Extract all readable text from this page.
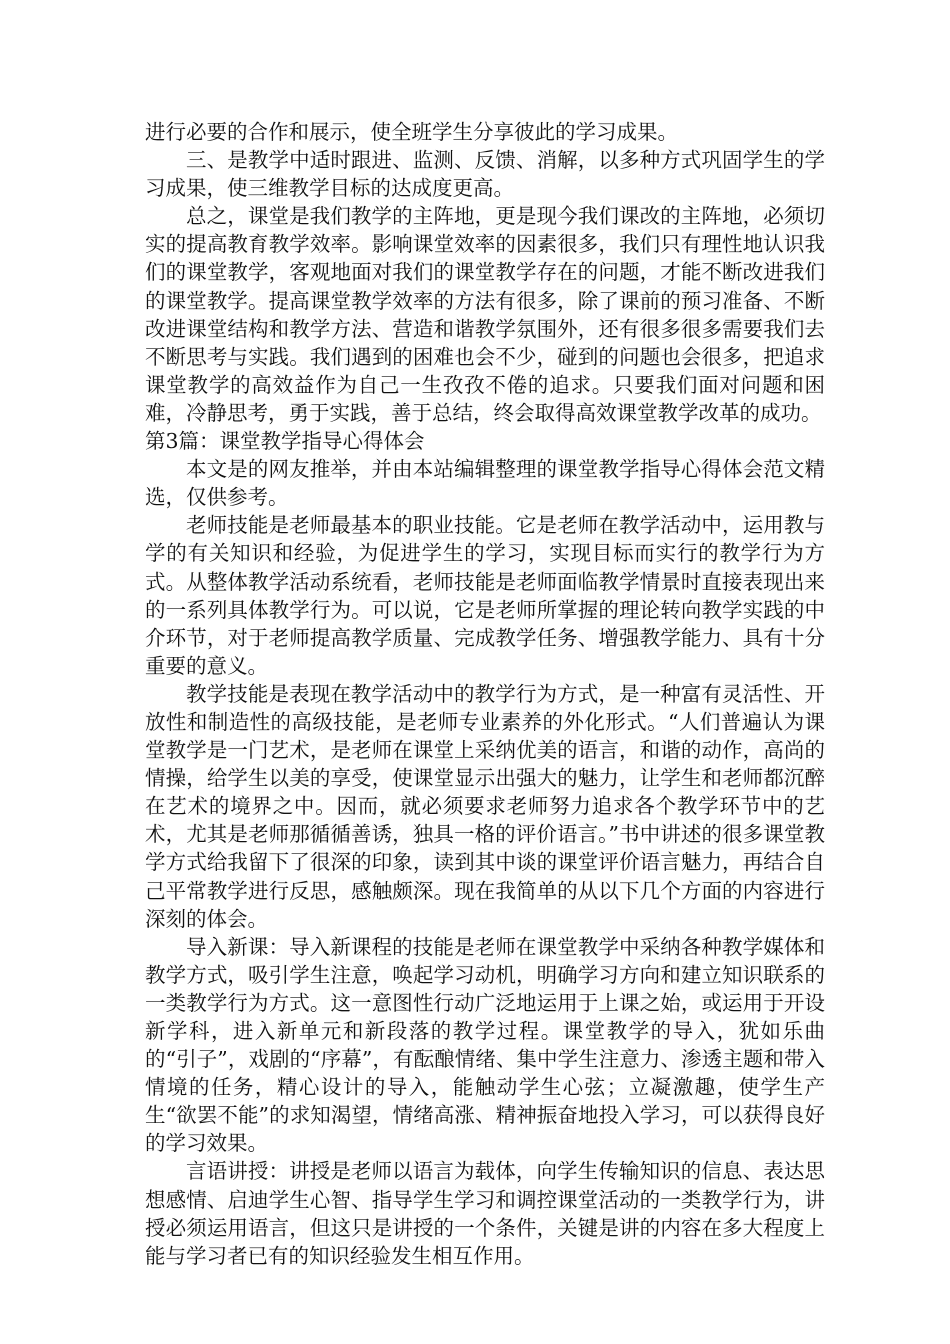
进行必要的合作和展示，使全班学生分享彼此的学习成果。

三、是教学中适时跟进、监测、反馈、消解，以多种方式巩固学生的学习成果，使三维教学目标的达成度更高。

总之，课堂是我们教学的主阵地，更是现今我们课改的主阵地，必须切实的提高教育教学效率。影响课堂效率的因素很多，我们只有理性地认识我们的课堂教学，客观地面对我们的课堂教学存在的问题，才能不断改进我们的课堂教学。提高课堂教学效率的方法有很多，除了课前的预习准备、不断改进课堂结构和教学方法、营造和谐教学氛围外，还有很多很多需要我们去不断思考与实践。我们遇到的困难也会不少，碰到的问题也会很多，把追求课堂教学的高效益作为自己一生孜孜不倦的追求。只要我们面对问题和困难，冷静思考，勇于实践，善于总结，终会取得高效课堂教学改革的成功。

第3篇：课堂教学指导心得体会

本文是的网友推举，并由本站编辑整理的课堂教学指导心得体会范文精选，仅供参考。

老师技能是老师最基本的职业技能。它是老师在教学活动中，运用教与学的有关知识和经验，为促进学生的学习，实现目标而实行的教学行为方式。从整体教学活动系统看，老师技能是老师面临教学情景时直接表现出来的一系列具体教学行为。可以说，它是老师所掌握的理论转向教学实践的中介环节，对于老师提高教学质量、完成教学任务、增强教学能力、具有十分重要的意义。

教学技能是表现在教学活动中的教学行为方式，是一种富有灵活性、开放性和制造性的高级技能，是老师专业素养的外化形式。“人们普遍认为课堂教学是一门艺术，是老师在课堂上采纳优美的语言，和谐的动作，高尚的情操，给学生以美的享受，使课堂显示出强大的魅力，让学生和老师都沉醉在艺术的境界之中。因而，就必须要求老师努力追求各个教学环节中的艺术，尤其是老师那循循善诱，独具一格的评价语言。”书中讲述的很多课堂教学方式给我留下了很深的印象，读到其中谈的课堂评价语言魅力，再结合自己平常教学进行反思，感触颇深。现在我简单的从以下几个方面的内容进行深刻的体会。

导入新课：导入新课程的技能是老师在课堂教学中采纳各种教学媒体和教学方式，吸引学生注意，唤起学习动机，明确学习方向和建立知识联系的一类教学行为方式。这一意图性行动广泛地运用于上课之始，或运用于开设新学科，进入新单元和新段落的教学过程。课堂教学的导入，犹如乐曲的“引子”，戏剧的“序幕”，有酝酿情绪、集中学生注意力、渗透主题和带入情境的任务，精心设计的导入，能触动学生心弦；立凝激趣，使学生产生“欲罢不能”的求知渴望，情绪高涨、精神振奋地投入学习，可以获得良好的学习效果。

言语讲授：讲授是老师以语言为载体，向学生传输知识的信息、表达思想感情、启迪学生心智、指导学生学习和调控课堂活动的一类教学行为，讲授必须运用语言，但这只是讲授的一个条件，关键是讲的内容在多大程度上能与学习者已有的知识经验发生相互作用。
